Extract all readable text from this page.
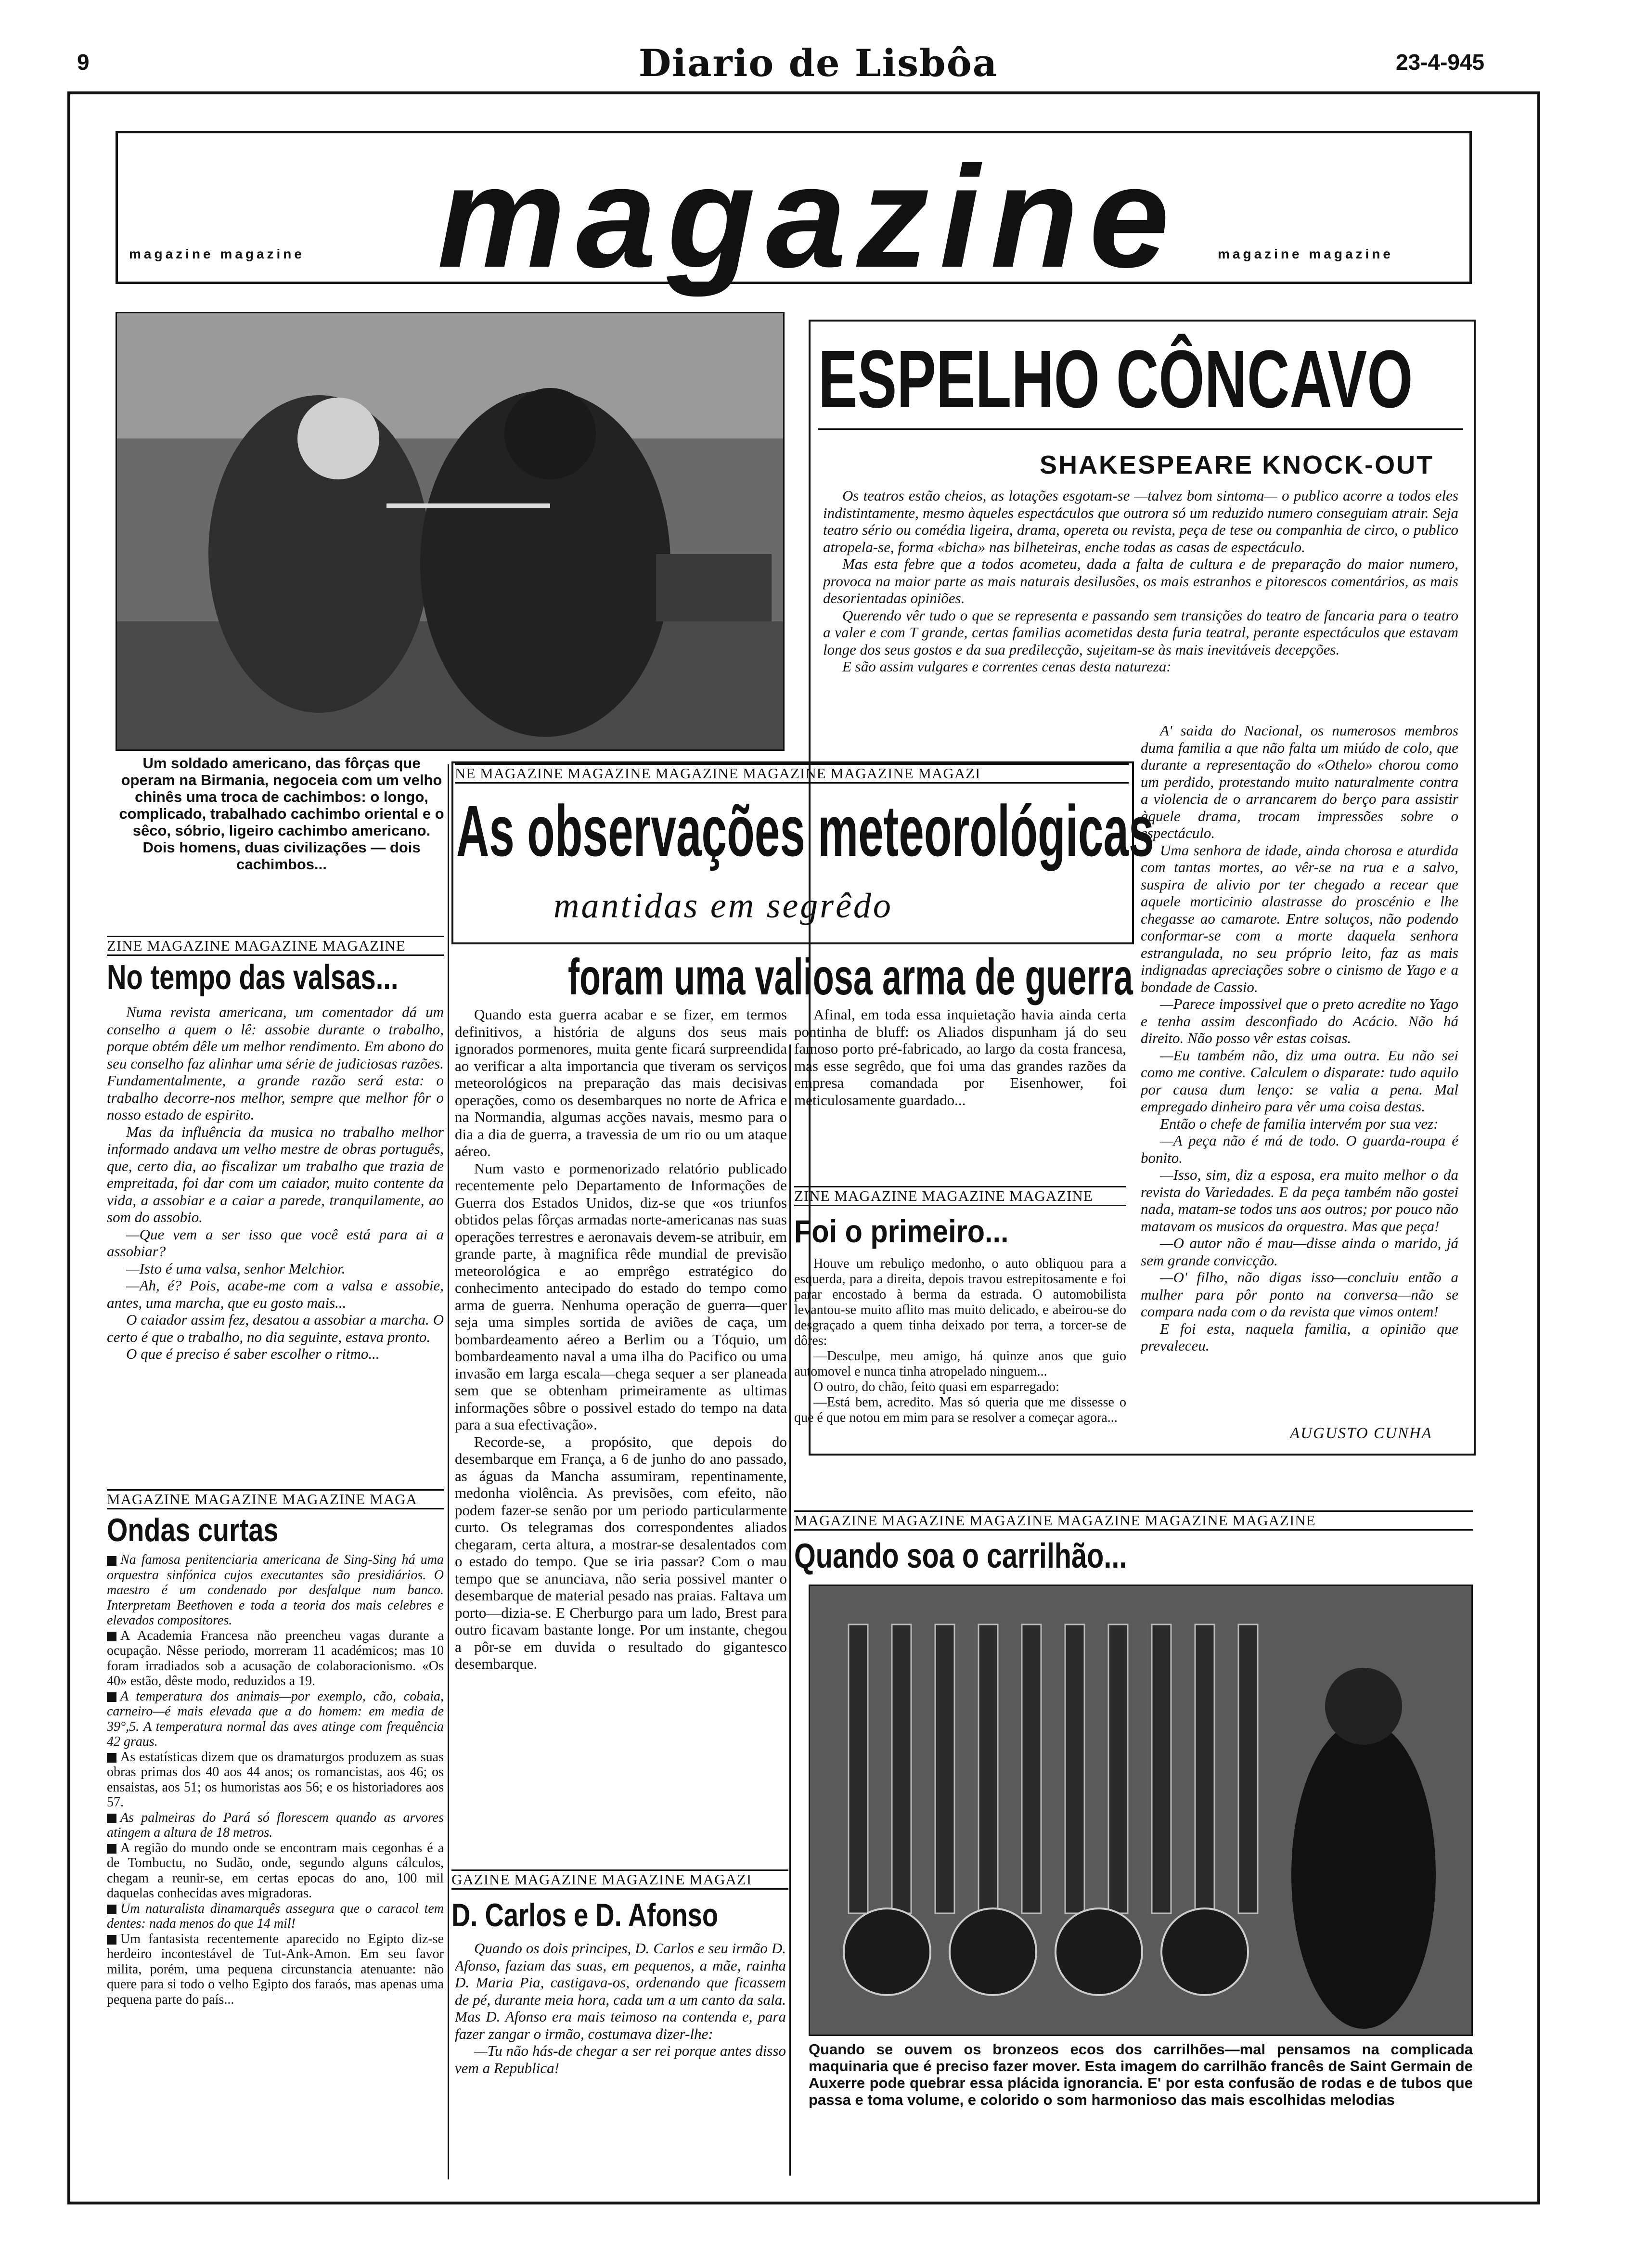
9	Diario de Lisbôa	23-4-945
magazine magazine magazine	magazine magazine
Um soldado americano, das fôrças que operam na Birmania, negoceia com um velho chinês uma troca de cachimbos: o longo, complicado, trabalhado cachimbo oriental e o sêco, sóbrio, ligeiro cachimbo americano. Dois homens, duas civilizações — dois cachimbos...
ESPELHO CÔNCAVO
SHAKESPEARE KNOCK-OUT

Os teatros estão cheios, as lotações esgotam-se —talvez bom sintoma— o publico acorre a todos eles indistintamente, mesmo àqueles espectáculos que outrora só um reduzido numero conseguiam atrair. Seja teatro sério ou comédia ligeira, drama, opereta ou revista, peça de tese ou companhia de circo, o publico atropela-se, forma «bicha» nas bilheteiras, enche todas as casas de espectáculo.

Mas esta febre que a todos acometeu, dada a falta de cultura e de preparação do maior numero, provoca na maior parte as mais naturais desilusões, os mais estranhos e pitorescos comentários, as mais desorientadas opiniões.

Querendo vêr tudo o que se representa e passando sem transições do teatro de fancaria para o teatro a valer e com T grande, certas familias acometidas desta furia teatral, perante espectáculos que estavam longe dos seus gostos e da sua predilecção, sujeitam-se às mais inevitáveis decepções.

E são assim vulgares e correntes cenas desta natureza:

A' saida do Nacional, os numerosos membros duma familia a que não falta um miúdo de colo, que durante a representação do «Othelo» chorou como um perdido, protestando muito naturalmente contra a violencia de o arrancarem do berço para assistir àquele drama, trocam impressões sobre o espectáculo.

Uma senhora de idade, ainda chorosa e aturdida com tantas mortes, ao vêr-se na rua e a salvo, suspira de alivio por ter chegado a recear que aquele morticinio alastrasse do proscénio e lhe chegasse ao camarote. Entre soluços, não podendo conformar-se com a morte daquela senhora estrangulada, no seu próprio leito, faz as mais indignadas apreciações sobre o cinismo de Yago e a bondade de Cassio.

—Parece impossivel que o preto acredite no Yago e tenha assim desconfiado do Acácio. Não há direito. Não posso vêr estas coisas.

—Eu também não, diz uma outra. Eu não sei como me contive. Calculem o disparate: tudo aquilo por causa dum lenço: se valia a pena. Mal empregado dinheiro para vêr uma coisa destas.

Então o chefe de familia intervém por sua vez:

—A peça não é má de todo. O guarda-roupa é bonito.

—Isso, sim, diz a esposa, era muito melhor o da revista do Variedades. E da peça também não gostei nada, matam-se todos uns aos outros; por pouco não matavam os musicos da orquestra. Mas que peça!

—O autor não é mau—disse ainda o marido, já sem grande convicção.

—O' filho, não digas isso—concluiu então a mulher para pôr ponto na conversa—não se compara nada com o da revista que vimos ontem!

E foi esta, naquela familia, a opinião que prevaleceu.

AUGUSTO CUNHA
ZINE MAGAZINE MAGAZINE MAGAZINE
No tempo das valsas...

Numa revista americana, um comentador dá um conselho a quem o lê: assobie durante o trabalho, porque obtém dêle um melhor rendimento. Em abono do seu conselho faz alinhar uma série de judiciosas razões. Fundamentalmente, a grande razão será esta: o trabalho decorre-nos melhor, sempre que melhor fôr o nosso estado de espirito.

Mas da influência da musica no trabalho melhor informado andava um velho mestre de obras português, que, certo dia, ao fiscalizar um trabalho que trazia de empreitada, foi dar com um caiador, muito contente da vida, a assobiar e a caiar a parede, tranquilamente, ao som do assobio.

—Que vem a ser isso que você está para ai a assobiar?

—Isto é uma valsa, senhor Melchior.

—Ah, é? Pois, acabe-me com a valsa e assobie, antes, uma marcha, que eu gosto mais...

O caiador assim fez, desatou a assobiar a marcha. O certo é que o trabalho, no dia seguinte, estava pronto.

O que é preciso é saber escolher o ritmo...

MAGAZINE MAGAZINE MAGAZINE MAGA
Ondas curtas

Na famosa penitenciaria americana de Sing-Sing há uma orquestra sinfónica cujos executantes são presidiários. O maestro é um condenado por desfalque num banco. Interpretam Beethoven e toda a teoria dos mais celebres e elevados compositores.

A Academia Francesa não preencheu vagas durante a ocupação. Nêsse periodo, morreram 11 académicos; mas 10 foram irradiados sob a acusação de colaboracionismo. «Os 40» estão, dêste modo, reduzidos a 19.

A temperatura dos animais—por exemplo, cão, cobaia, carneiro—é mais elevada que a do homem: em media de 39°,5. A temperatura normal das aves atinge com frequência 42 graus.

As estatísticas dizem que os dramaturgos produzem as suas obras primas dos 40 aos 44 anos; os romancistas, aos 46; os ensaistas, aos 51; os humoristas aos 56; e os historiadores aos 57.

As palmeiras do Pará só florescem quando as arvores atingem a altura de 18 metros.

A região do mundo onde se encontram mais cegonhas é a de Tombuctu, no Sudão, onde, segundo alguns cálculos, chegam a reunir-se, em certas epocas do ano, 100 mil daquelas conhecidas aves migradoras.

Um naturalista dinamarquês assegura que o caracol tem dentes: nada menos do que 14 mil!

Um fantasista recentemente aparecido no Egipto diz-se herdeiro incontestável de Tut-Ank-Amon. Em seu favor milita, porém, uma pequena circunstancia atenuante: não quere para si todo o velho Egipto dos faraós, mas apenas uma pequena parte do país...

NE MAGAZINE MAGAZINE MAGAZINE MAGAZINE MAGAZINE MAGAZI
As observações meteorológicas
mantidas em segrêdo
foram uma valiosa arma de guerra

Quando esta guerra acabar e se fizer, em termos definitivos, a história de alguns dos seus mais ignorados pormenores, muita gente ficará surpreendida ao verificar a alta importancia que tiveram os serviços meteorológicos na preparação das mais decisivas operações, como os desembarques no norte de Africa e na Normandia, algumas acções navais, mesmo para o dia a dia de guerra, a travessia de um rio ou um ataque aéreo.

Num vasto e pormenorizado relatório publicado recentemente pelo Departamento de Informações de Guerra dos Estados Unidos, diz-se que «os triunfos obtidos pelas fôrças armadas norte-americanas nas suas operações terrestres e aeronavais devem-se atribuir, em grande parte, à magnifica rêde mundial de previsão meteorológica e ao emprêgo estratégico do conhecimento antecipado do estado do tempo como arma de guerra. Nenhuma operação de guerra—quer seja uma simples sortida de aviões de caça, um bombardeamento aéreo a Berlim ou a Tóquio, um bombardeamento naval a uma ilha do Pacifico ou uma invasão em larga escala—chega sequer a ser planeada sem que se obtenham primeiramente as ultimas informações sôbre o possivel estado do tempo na data para a sua efectivação».

Recorde-se, a propósito, que depois do desembarque em França, a 6 de junho do ano passado, as águas da Mancha assumiram, repentinamente, medonha violência. As previsões, com efeito, não podem fazer-se senão por um periodo particularmente curto. Os telegramas dos correspondentes aliados chegaram, certa altura, a mostrar-se desalentados com o estado do tempo. Que se iria passar? Com o mau tempo que se anunciava, não seria possivel manter o desembarque de material pesado nas praias. Faltava um porto—dizia-se. E Cherburgo para um lado, Brest para outro ficavam bastante longe. Por um instante, chegou a pôr-se em duvida o resultado do gigantesco desembarque.

Afinal, em toda essa inquietação havia ainda certa pontinha de bluff: os Aliados dispunham já do seu famoso porto pré-fabricado, ao largo da costa francesa, mas esse segrêdo, que foi uma das grandes razões da empresa comandada por Eisenhower, foi meticulosamente guardado...

ZINE MAGAZINE MAGAZINE MAGAZINE
Foi o primeiro...

Houve um rebuliço medonho, o auto obliquou para a esquerda, para a direita, depois travou estrepitosamente e foi parar encostado à berma da estrada. O automobilista levantou-se muito aflito mas muito delicado, e abeirou-se do desgraçado a quem tinha deixado por terra, a torcer-se de dôres:

—Desculpe, meu amigo, há quinze anos que guio automovel e nunca tinha atropelado ninguem...

O outro, do chão, feito quasi em esparregado:

—Está bem, acredito. Mas só queria que me dissesse o que é que notou em mim para se resolver a começar agora...

GAZINE MAGAZINE MAGAZINE MAGAZI
D. Carlos e D. Afonso

Quando os dois principes, D. Carlos e seu irmão D. Afonso, faziam das suas, em pequenos, a mãe, rainha D. Maria Pia, castigava-os, ordenando que ficassem de pé, durante meia hora, cada um a um canto da sala. Mas D. Afonso era mais teimoso na contenda e, para fazer zangar o irmão, costumava dizer-lhe:

—Tu não hás-de chegar a ser rei porque antes disso vem a Republica!

MAGAZINE MAGAZINE MAGAZINE MAGAZINE MAGAZINE MAGAZINE
Quando soa o carrilhão...
Quando se ouvem os bronzeos ecos dos carrilhões—mal pensamos na complicada maquinaria que é preciso fazer mover. Esta imagem do carrilhão francês de Saint Germain de Auxerre pode quebrar essa plácida ignorancia. E' por esta confusão de rodas e de tubos que passa e toma volume, e colorido o som harmonioso das mais escolhidas melodias
